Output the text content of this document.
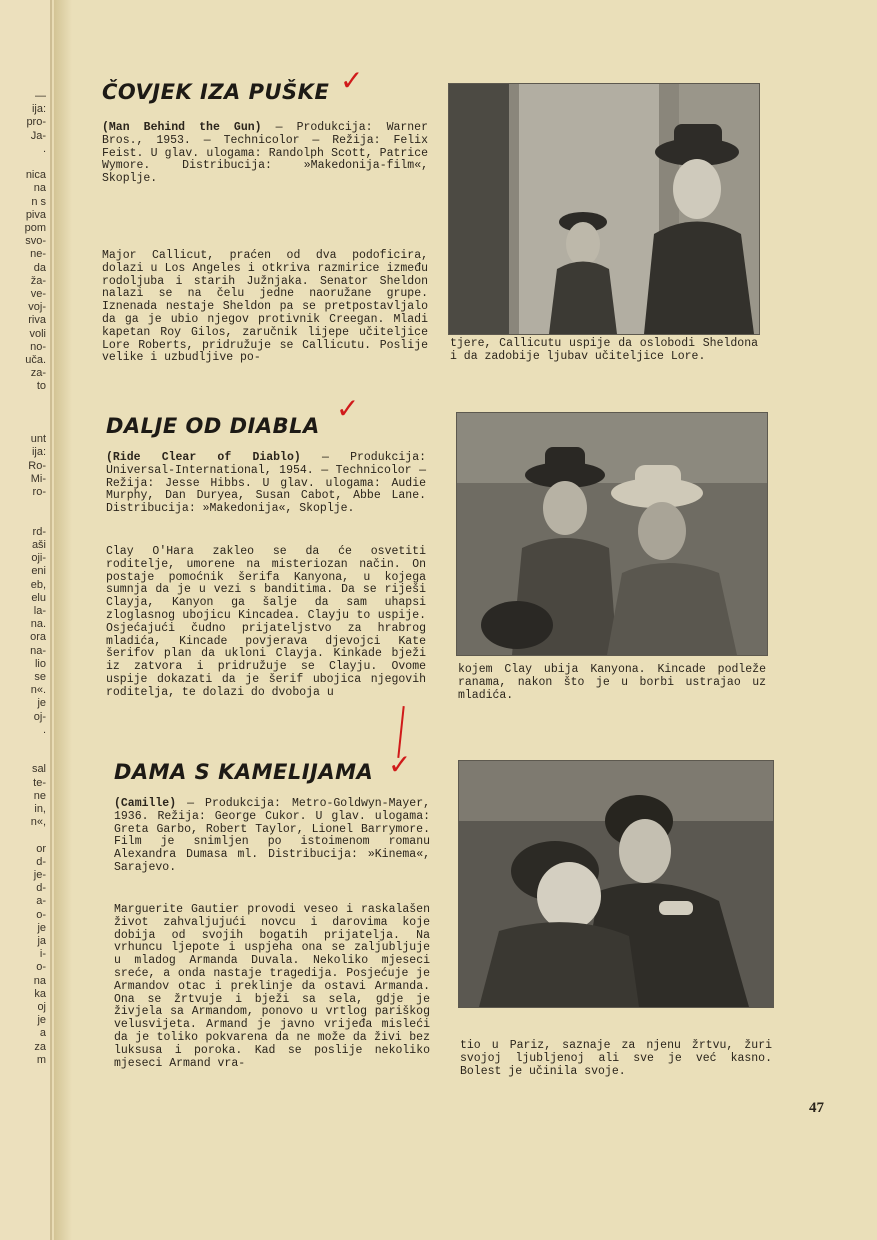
—
ija:
pro-
Ja-
.

nica
na
n s
piva
pom
svo-
ne-
da
ža-
ve-
voj-
riva
voli
no-
uča.
za-
to

unt
ija:
Ro-
Mi-
ro-

rd-
aši
oji-
eni
eb,
elu
la-
na.
ora
na-
lio
se
n«.
je
oj-
.

sal
te-
ne
in,
n«,

or
d-
je-
d-
a-
o-
je
ja
i-
o-
na
ka
oj
je
a
za
m
ČOVJEK IZA PUŠKE ✓

(Man Behind the Gun) — Produkcija: Warner Bros., 1953. — Technicolor — Režija: Felix Feist. U glav. ulogama: Randolph Scott, Patrice Wymore. Distribucija: »Makedonija-film«, Skoplje.

Major Callicut, praćen od dva podoficira, dolazi u Los Angeles i otkriva razmirice između rodoljuba i starih Južnjaka. Senator Sheldon nalazi se na čelu jedne naoružane grupe. Iznenada nestaje Sheldon pa se pretpostavljalo da ga je ubio njegov protivnik Creegan. Mladi kapetan Roy Gilos, zaručnik lijepe učiteljice Lore Roberts, pridružuje se Callicutu. Poslije velike i uzbudljive po-

tjere, Callicutu uspije da oslobodi Sheldona i da zadobije ljubav učiteljice Lore.

DALJE OD DIABLA
✓

(Ride Clear of Diablo) — Produkcija: Universal-International, 1954. — Technicolor — Režija: Jesse Hibbs. U glav. ulogama: Audie Murphy, Dan Duryea, Susan Cabot, Abbe Lane. Distribucija: »Makedonija«, Skoplje.

Clay O'Hara zakleo se da će osvetiti roditelje, umorene na misteriozan način. On postaje pomoćnik šerifa Kanyona, u kojega sumnja da je u vezi s banditima. Da se riješi Clayja, Kanyon ga šalje da sam uhapsi zloglasnog ubojicu Kincadea. Clayju to uspije. Osjećajući čudno prijateljstvo za hrabrog mladića, Kincade povjerava djevojci Kate šerifov plan da ukloni Clayja. Kinkade bježi iz zatvora i pridružuje se Clayju. Ovome uspije dokazati da je šerif ubojica njegovih roditelja, te dolazi do dvoboja u

kojem Clay ubija Kanyona. Kincade podleže ranama, nakon što je u borbi ustrajao uz mladića.

DAMA S KAMELIJAMA ✓

(Camille) — Produkcija: Metro-Goldwyn-Mayer, 1936. Režija: George Cukor. U glav. ulogama: Greta Garbo, Robert Taylor, Lionel Barrymore. Film je snimljen po istoimenom romanu Alexandra Dumasa ml. Distribucija: »Kinema«, Sarajevo.

Marguerite Gautier provodi veseo i raskalašen život zahvaljujući novcu i darovima koje dobija od svojih bogatih prijatelja. Na vrhuncu ljepote i uspjeha ona se zaljubljuje u mladog Armanda Duvala. Nekoliko mjeseci sreće, a onda nastaje tragedija. Posjećuje je Armandov otac i preklinje da ostavi Armanda. Ona se žrtvuje i bježi sa sela, gdje je živjela sa Armandom, ponovo u vrtlog pariškog velusvijeta. Armand je javno vrijeđa misleći da je toliko pokvarena da ne može da živi bez luksusa i poroka. Kad se poslije nekoliko mjeseci Armand vra-

tio u Pariz, saznaje za njenu žrtvu, žuri svojoj ljubljenoj ali sve je već kasno. Bolest je učinila svoje.

47
